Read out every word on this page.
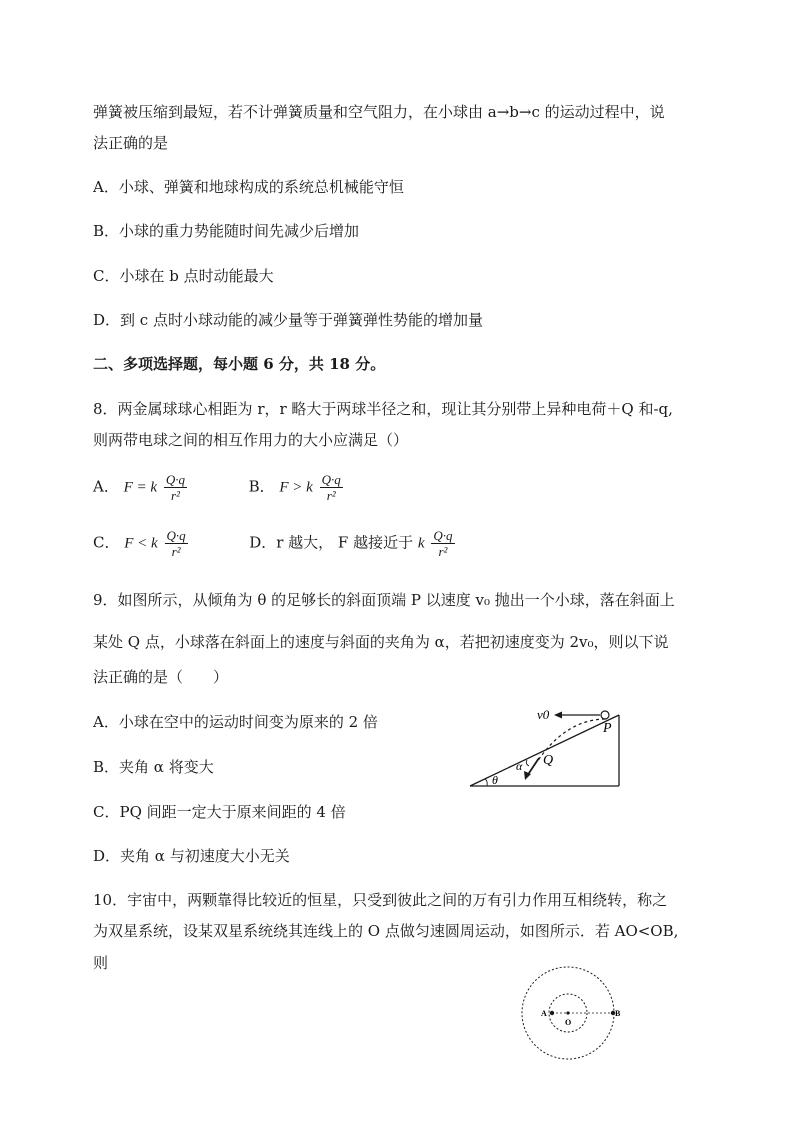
弹簧被压缩到最短，若不计弹簧质量和空气阻力，在小球由 a→b→c 的运动过程中，说
法正确的是
A．小球、弹簧和地球构成的系统总机械能守恒
B．小球的重力势能随时间先减少后增加
C．小球在 b 点时动能最大
D．到 c 点时小球动能的减少量等于弹簧弹性势能的增加量
二、多项选择题，每小题 6 分，共 18 分。
8．两金属球球心相距为 r，r 略大于两球半径之和，现让其分别带上异种电荷＋Q 和-q,
则两带电球之间的相互作用力的大小应满足（）
A． F = k $\frac{Q\cdot q}{\text{r²}}$	B． F > k $\frac{Q\cdot q}{\text{r²}}$
C． F < k $\frac{Q\cdot q}{\text{r²}}$	D．r 越大， F 越接近于 k $\frac{Q\cdot q}{\text{r²}}$
9．如图所示，从倾角为 θ 的足够长的斜面顶端 P 以速度 v₀ 抛出一个小球，落在斜面上
某处 Q 点，小球落在斜面上的速度与斜面的夹角为 α，若把初速度变为 2v₀，则以下说
法正确的是（　　）
A．小球在空中的运动时间变为原来的 2 倍
B．夹角 α 将变大
C．PQ 间距一定大于原来间距的 4 倍
D．夹角 α 与初速度大小无关
v0
P
Q
α
θ
10．宇宙中，两颗靠得比较近的恒星，只受到彼此之间的万有引力作用互相绕转，称之
为双星系统，设某双星系统绕其连线上的 O 点做匀速圆周运动，如图所示．若 AO<OB,
则
A
O
B
